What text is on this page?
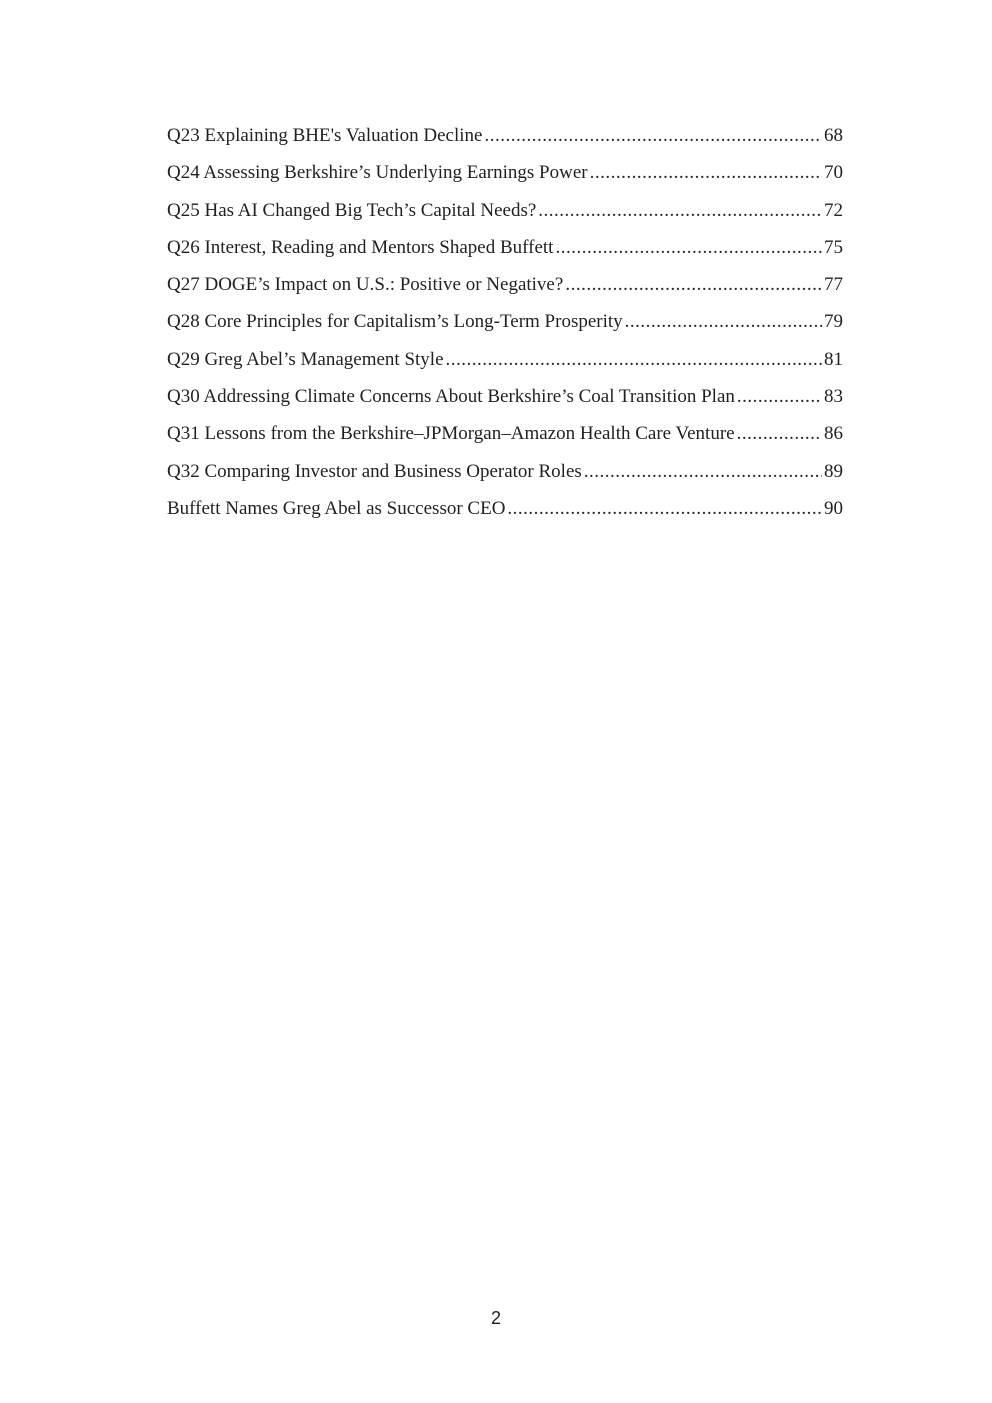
Q23 Explaining BHE's Valuation Decline .....	68
Q24 Assessing Berkshire’s Underlying Earnings Power .....	70
Q25 Has AI Changed Big Tech’s Capital Needs? .....	72
Q26 Interest, Reading and Mentors Shaped Buffett .....	75
Q27 DOGE’s Impact on U.S.: Positive or Negative? .....	77
Q28 Core Principles for Capitalism’s Long-Term Prosperity .....	79
Q29 Greg Abel’s Management Style .....	81
Q30 Addressing Climate Concerns About Berkshire’s Coal Transition Plan .....	83
Q31 Lessons from the Berkshire–JPMorgan–Amazon Health Care Venture .....	86
Q32 Comparing Investor and Business Operator Roles .....	89
Buffett Names Greg Abel as Successor CEO .....	90
2
